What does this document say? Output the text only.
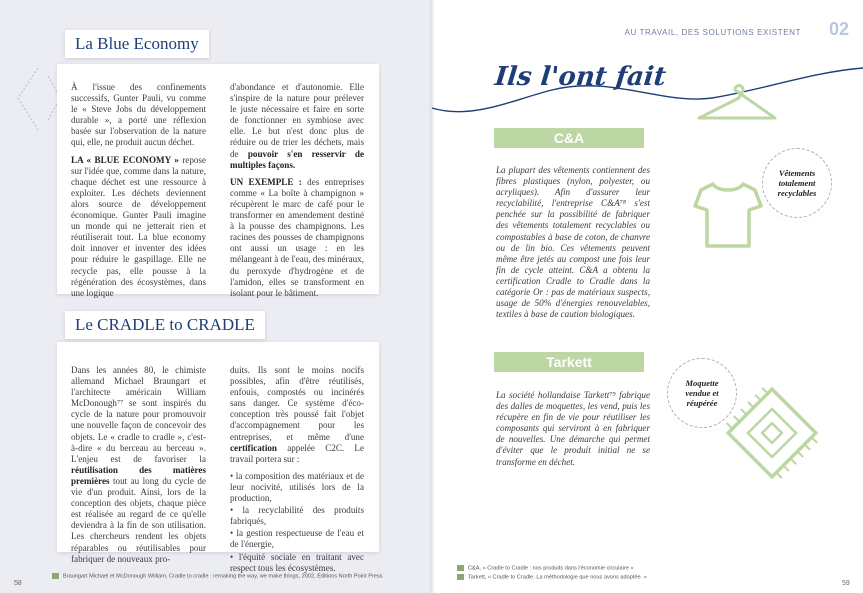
La Blue Economy

À l'issue des confinements successifs, Gunter Pauli, vu comme le « Steve Jobs du développement durable », a porté une réflexion basée sur l'observation de la nature qui, elle, ne produit aucun déchet.

LA « BLUE ECONOMY » repose sur l'idée que, comme dans la nature, chaque déchet est une ressource à exploiter. Les déchets deviennent alors source de développement économique. Gunter Pauli imagine un monde qui ne jetterait rien et réutiliserait tout. La blue economy doit innover et inventer des idées pour réduire le gaspillage. Elle ne recycle pas, elle pousse à la régénération des écosystèmes, dans une logique

d'abondance et d'autonomie. Elle s'inspire de la nature pour prélever le juste nécessaire et faire en sorte de fonctionner en symbiose avec elle. Le but n'est donc plus de réduire ou de trier les déchets, mais de pouvoir s'en resservir de multiples façons.

UN EXEMPLE : des entreprises comme « La boîte à champignon » récupèrent le marc de café pour le transformer en amendement destiné à la pousse des champignons. Les racines des pousses de champignons ont aussi un usage : en les mélangeant à de l'eau, des minéraux, du peroxyde d'hydrogène et de l'amidon, elles se transforment en isolant pour le bâtiment.

Le CRADLE to CRADLE

Dans les années 80, le chimiste allemand Michael Braungart et l'architecte américain William McDonough⁷⁷ se sont inspirés du cycle de la nature pour promouvoir une nouvelle façon de concevoir des objets. Le « cradle to cradle », c'est-à-dire « du berceau au berceau ». L'enjeu est de favoriser la réutilisation des matières premières tout au long du cycle de vie d'un produit. Ainsi, lors de la conception des objets, chaque pièce est réalisée au regard de ce qu'elle deviendra à la fin de son utilisation. Les chercheurs rendent les objets réparables ou réutilisables pour fabriquer de nouveaux pro-

duits. Ils sont le moins nocifs possibles, afin d'être réutilisés, enfouis, compostés ou incinérés sans danger. Ce système d'éco-conception très poussé fait l'objet d'accompagnement pour les entreprises, et même d'une certification appelée C2C. Le travail portera sur :

• la composition des matériaux et de leur nocivité, utilisés lors de la production,
• la recyclabilité des produits fabriqués,
• la gestion respectueuse de l'eau et de l'énergie,
• l'équité sociale en traitant avec respect tous les écosystèmes.
Braungart Michael et McDonough William, Cradle to cradle : remaking the way, we make things, 2002, Éditions North Point Press
58
AU TRAVAIL, DES SOLUTIONS EXISTENT 02
Ils l'ont fait
C&A
La plupart des vêtements contiennent des fibres plastiques (nylon, polyester, ou acryliques). Afin d'assurer leur recyclabilité, l'entreprise C&A⁷⁸ s'est penchée sur la possibilité de fabriquer des vêtements totalement recyclables ou compostables à base de coton, de chanvre ou de lin bio. Ces vêtements peuvent même être jetés au compost une fois leur fin de cycle atteint. C&A a obtenu la certification Cradle to Cradle dans la catégorie Or : pas de matériaux suspects, usage de 50% d'énergies renouvelables, textiles à base de caution biologiques.
Vêtements totalement recyclables
Tarkett
La société hollandaise Tarkett⁷⁹ fabrique des dalles de moquettes, les vend, puis les récupère en fin de vie pour réutiliser les composants qui serviront à en fabriquer de nouvelles. Une démarche qui permet d'éviter que le produit initial ne se transforme en déchet.
Moquette vendue et réupérée
C&A, « Cradle to Cradle : nos produits dans l'économie circulaire »
Tarkett, « Cradle to Cradle. La méthodologie que nous avons adoptée. »
59
